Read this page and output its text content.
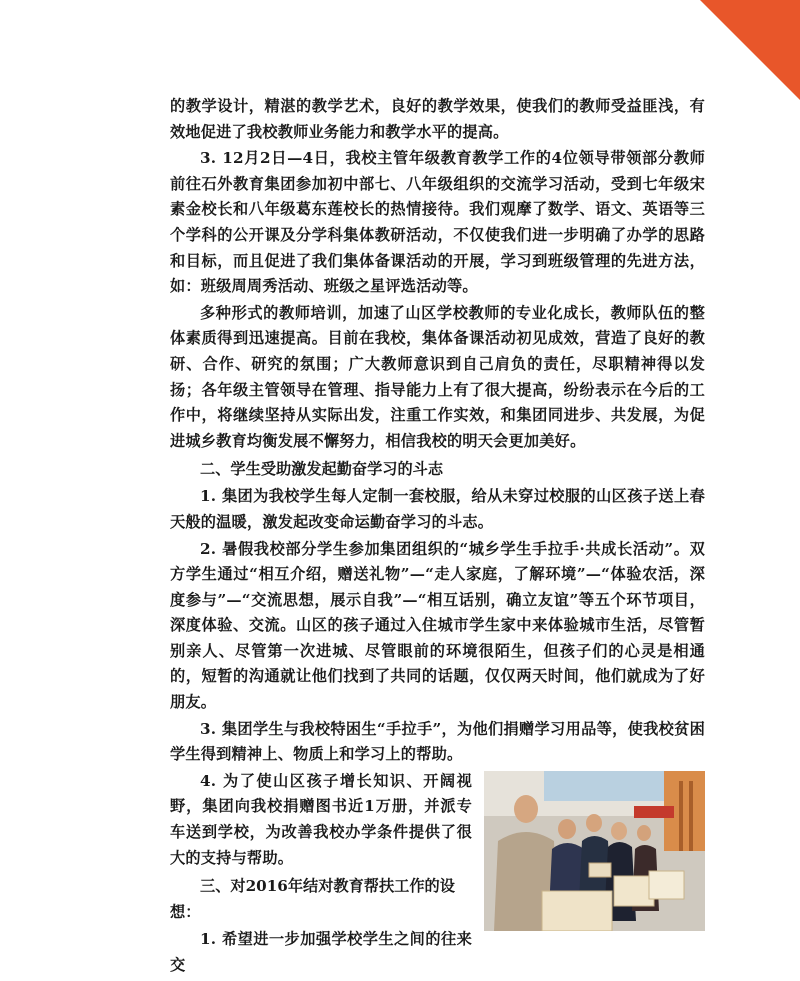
的教学设计，精湛的教学艺术，良好的教学效果，使我们的教师受益匪浅，有效地促进了我校教师业务能力和教学水平的提高。

3. 12月2日—4日，我校主管年级教育教学工作的4位领导带领部分教师前往石外教育集团参加初中部七、八年级组织的交流学习活动，受到七年级宋素金校长和八年级葛东莲校长的热情接待。我们观摩了数学、语文、英语等三个学科的公开课及分学科集体教研活动，不仅使我们进一步明确了办学的思路和目标，而且促进了我们集体备课活动的开展，学习到班级管理的先进方法，如：班级周周秀活动、班级之星评选活动等。

多种形式的教师培训，加速了山区学校教师的专业化成长，教师队伍的整体素质得到迅速提高。目前在我校，集体备课活动初见成效，营造了良好的教研、合作、研究的氛围；广大教师意识到自己肩负的责任，尽职精神得以发扬；各年级主管领导在管理、指导能力上有了很大提高，纷纷表示在今后的工作中，将继续坚持从实际出发，注重工作实效，和集团同进步、共发展，为促进城乡教育均衡发展不懈努力，相信我校的明天会更加美好。

二、学生受助激发起勤奋学习的斗志

1. 集团为我校学生每人定制一套校服，给从未穿过校服的山区孩子送上春天般的温暖，激发起改变命运勤奋学习的斗志。

2. 暑假我校部分学生参加集团组织的“城乡学生手拉手·共成长活动”。双方学生通过“相互介绍，赠送礼物”—“走人家庭，了解环境”—“体验农活，深度参与”—“交流思想，展示自我”—“相互话别，确立友谊”等五个环节项目，深度体验、交流。山区的孩子通过入住城市学生家中来体验城市生活，尽管暂别亲人、尽管第一次进城、尽管眼前的环境很陌生，但孩子们的心灵是相通的，短暂的沟通就让他们找到了共同的话题，仅仅两天时间，他们就成为了好朋友。

3. 集团学生与我校特困生“手拉手”，为他们捐赠学习用品等，使我校贫困学生得到精神上、物质上和学习上的帮助。

4. 为了使山区孩子增长知识、开阔视野，集团向我校捐赠图书近1万册，并派专车送到学校，为改善我校办学条件提供了很大的支持与帮助。

三、对2016年结对教育帮扶工作的设想：

1. 希望进一步加强学校学生之间的往来交
